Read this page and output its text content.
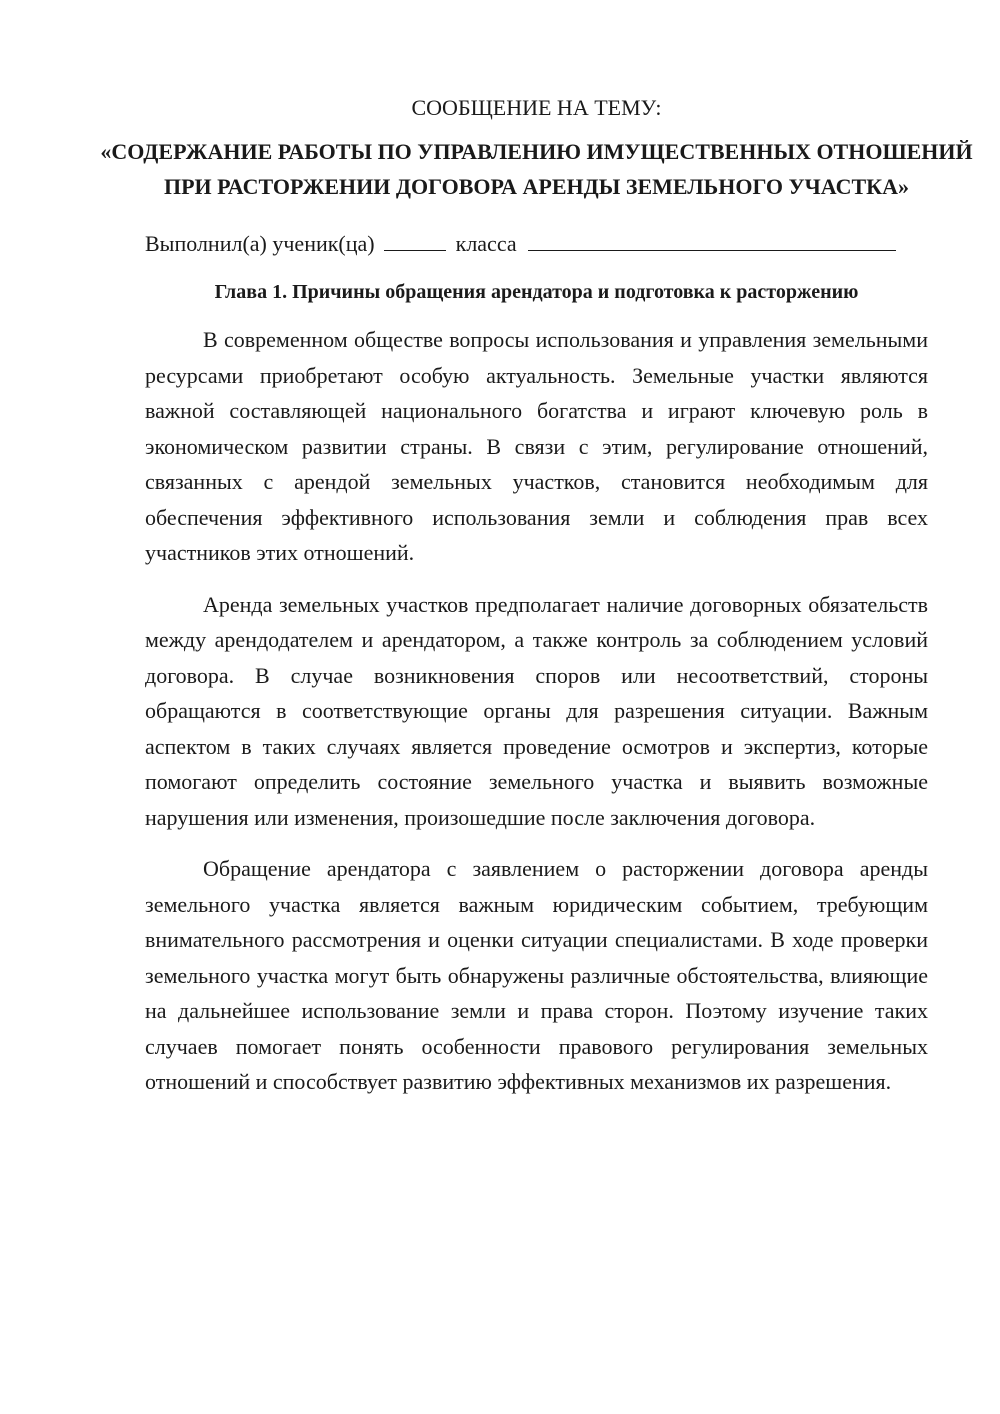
СООБЩЕНИЕ НА ТЕМУ:
«СОДЕРЖАНИЕ РАБОТЫ ПО УПРАВЛЕНИЮ ИМУЩЕСТВЕННЫХ ОТНОШЕНИЙ ПРИ РАСТОРЖЕНИИ ДОГОВОРА АРЕНДЫ ЗЕМЕЛЬНОГО УЧАСТКА»
Выполнил(а) ученик(ца)	класса
Глава 1. Причины обращения арендатора и подготовка к расторжению

В современном обществе вопросы использования и управления земельными ресурсами приобретают особую актуальность. Земельные участки являются важной составляющей национального богатства и играют ключевую роль в экономическом развитии страны. В связи с этим, регулирование отношений, связанных с арендой земельных участков, становится необходимым для обеспечения эффективного использования земли и соблюдения прав всех участников этих отношений.

Аренда земельных участков предполагает наличие договорных обязательств между арендодателем и арендатором, а также контроль за соблюдением условий договора. В случае возникновения споров или несоответствий, стороны обращаются в соответствующие органы для разрешения ситуации. Важным аспектом в таких случаях является проведение осмотров и экспертиз, которые помогают определить состояние земельного участка и выявить возможные нарушения или изменения, произошедшие после заключения договора.

Обращение арендатора с заявлением о расторжении договора аренды земельного участка является важным юридическим событием, требующим внимательного рассмотрения и оценки ситуации специалистами. В ходе проверки земельного участка могут быть обнаружены различные обстоятельства, влияющие на дальнейшее использование земли и права сторон. Поэтому изучение таких случаев помогает понять особенности правового регулирования земельных отношений и способствует развитию эффективных механизмов их разрешения.
